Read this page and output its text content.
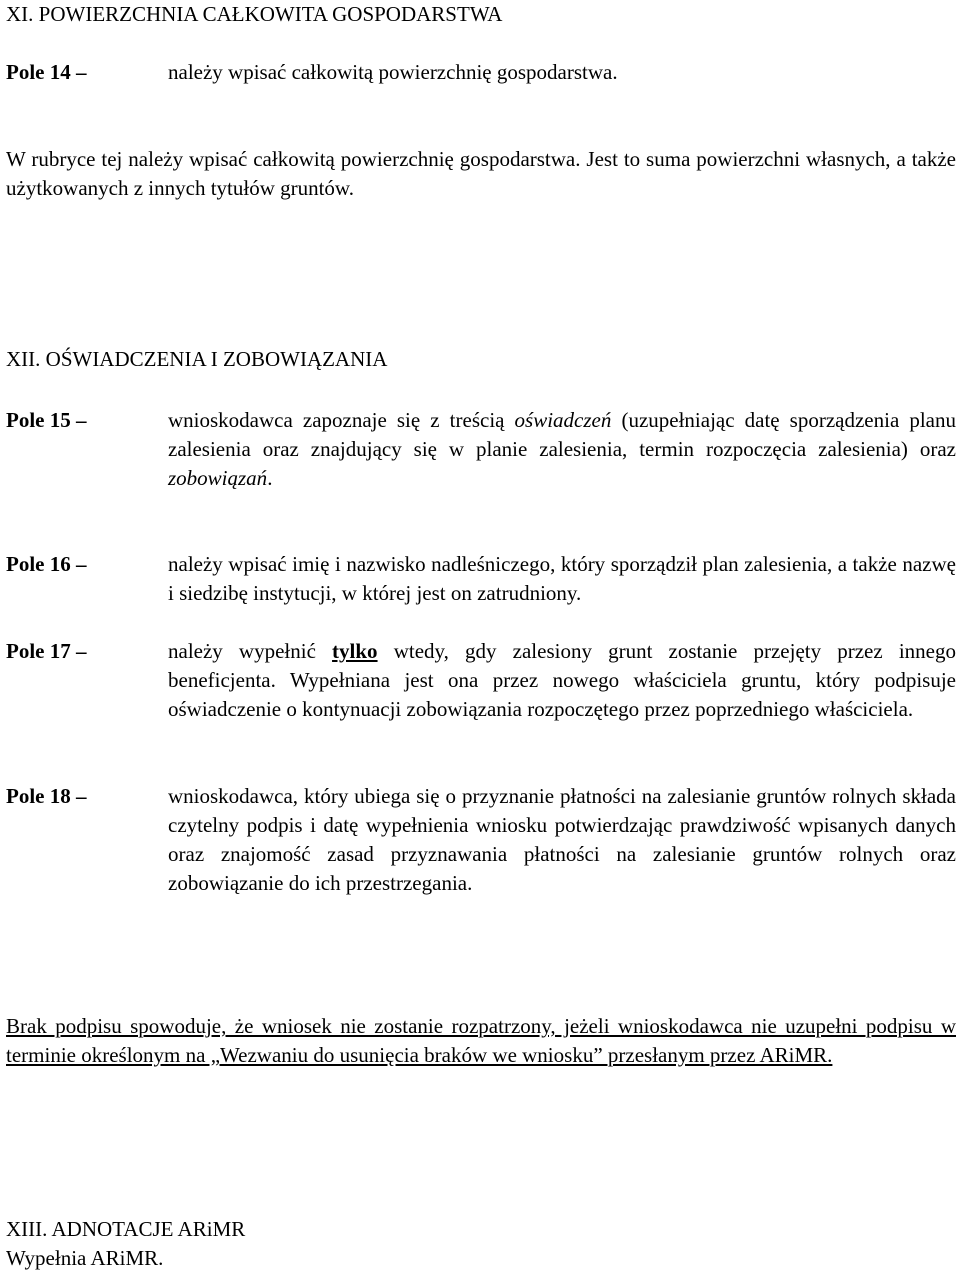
XI. POWIERZCHNIA CAŁKOWITA GOSPODARSTWA
Pole 14 –	należy wpisać całkowitą powierzchnię gospodarstwa.
W rubryce tej należy wpisać całkowitą powierzchnię gospodarstwa. Jest to suma powierzchni własnych, a także użytkowanych z innych tytułów gruntów.
XII. OŚWIADCZENIA I ZOBOWIĄZANIA
Pole 15 –	wnioskodawca zapoznaje się z treścią oświadczeń (uzupełniając datę sporządzenia planu zalesienia oraz znajdujący się w planie zalesienia, termin rozpoczęcia zalesienia) oraz zobowiązań.
Pole 16 –	należy wpisać imię i nazwisko nadleśniczego, który sporządził plan zalesienia, a także nazwę i siedzibę instytucji, w której jest on zatrudniony.
Pole 17 –	należy wypełnić tylko wtedy, gdy zalesiony grunt zostanie przejęty przez innego beneficjenta. Wypełniana jest ona przez nowego właściciela gruntu, który podpisuje oświadczenie o kontynuacji zobowiązania rozpoczętego przez poprzedniego właściciela.
Pole 18 –	wnioskodawca, który ubiega się o przyznanie płatności na zalesianie gruntów rolnych składa czytelny podpis i datę wypełnienia wniosku potwierdzając prawdziwość wpisanych danych oraz znajomość zasad przyznawania płatności na zalesianie gruntów rolnych oraz zobowiązanie do ich przestrzegania.
Brak podpisu spowoduje, że wniosek nie zostanie rozpatrzony, jeżeli wnioskodawca nie uzupełni podpisu w terminie określonym na „Wezwaniu do usunięcia braków we wniosku” przesłanym przez ARiMR.
XIII. ADNOTACJE ARiMR
Wypełnia ARiMR.
